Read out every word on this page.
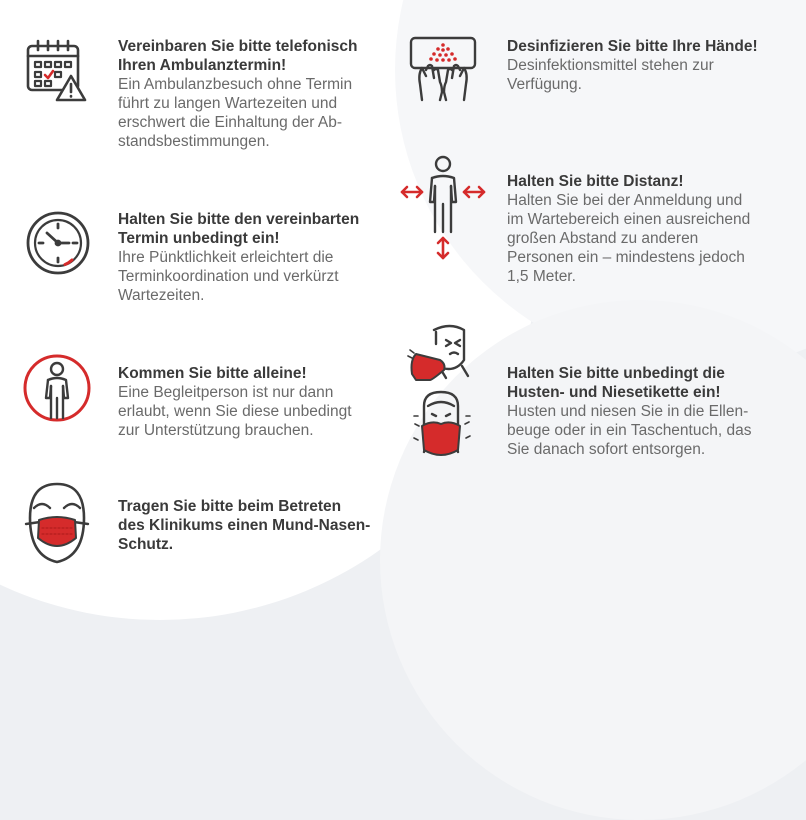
Vereinbaren Sie bitte telefonisch
Ihren Ambulanztermin!
Ein Ambulanzbesuch ohne Termin
führt zu langen Wartezeiten und
erschwert die Einhaltung der Ab-
standsbestimmungen.
Halten Sie bitte den vereinbarten
Termin unbedingt ein!
Ihre Pünktlichkeit erleichtert die
Terminkoordination und verkürzt
Wartezeiten.
Kommen Sie bitte alleine!
Eine Begleitperson ist nur dann
erlaubt, wenn Sie diese unbedingt
zur Unterstützung brauchen.
Tragen Sie bitte beim Betreten
des Klinikums einen Mund-Nasen-
Schutz.
Desinfizieren Sie bitte Ihre Hände!
Desinfektionsmittel stehen zur
Verfügung.
Halten Sie bitte Distanz!
Halten Sie bei der Anmeldung und
im Wartebereich einen ausreichend
großen Abstand zu anderen
Personen ein – mindestens jedoch
1,5 Meter.
Halten Sie bitte unbedingt die
Husten- und Niesetikette ein!
Husten und niesen Sie in die Ellen-
beuge oder in ein Taschentuch, das
Sie danach sofort entsorgen.
